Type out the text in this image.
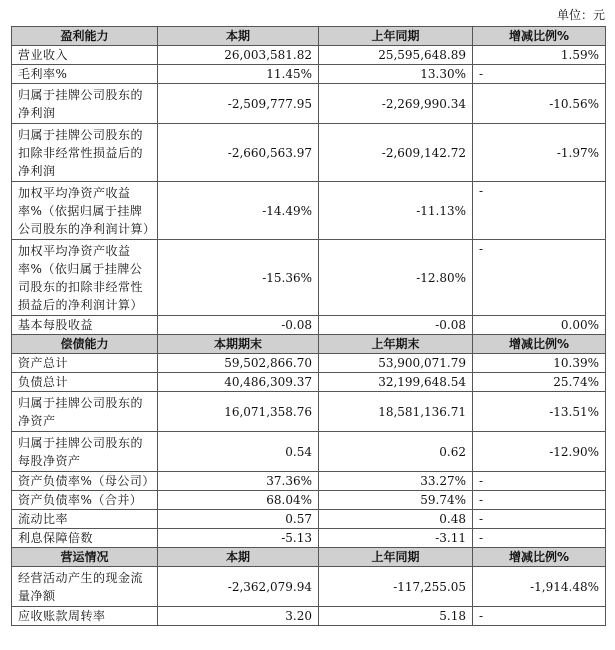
单位：元
盈利能力	本期	上年同期	增减比例%
营业收入	26,003,581.82	25,595,648.89	1.59%
毛利率%	11.45%	13.30%	-
归属于挂牌公司股东的净利润	-2,509,777.95	-2,269,990.34	-10.56%
归属于挂牌公司股东的扣除非经常性损益后的净利润	-2,660,563.97	-2,609,142.72	-1.97%
加权平均净资产收益率%（依据归属于挂牌公司股东的净利润计算）	-14.49%	-11.13%	-
加权平均净资产收益率%（依归属于挂牌公司股东的扣除非经常性损益后的净利润计算）	-15.36%	-12.80%	-
基本每股收益	-0.08	-0.08	0.00%
偿债能力	本期期末	上年期末	增减比例%
资产总计	59,502,866.70	53,900,071.79	10.39%
负债总计	40,486,309.37	32,199,648.54	25.74%
归属于挂牌公司股东的净资产	16,071,358.76	18,581,136.71	-13.51%
归属于挂牌公司股东的每股净资产	0.54	0.62	-12.90%
资产负债率%（母公司）	37.36%	33.27%	-
资产负债率%（合并）	68.04%	59.74%	-
流动比率	0.57	0.48	-
利息保障倍数	-5.13	-3.11	-
营运情况	本期	上年同期	增减比例%
经营活动产生的现金流量净额	-2,362,079.94	-117,255.05	-1,914.48%
应收账款周转率	3.20	5.18	-
